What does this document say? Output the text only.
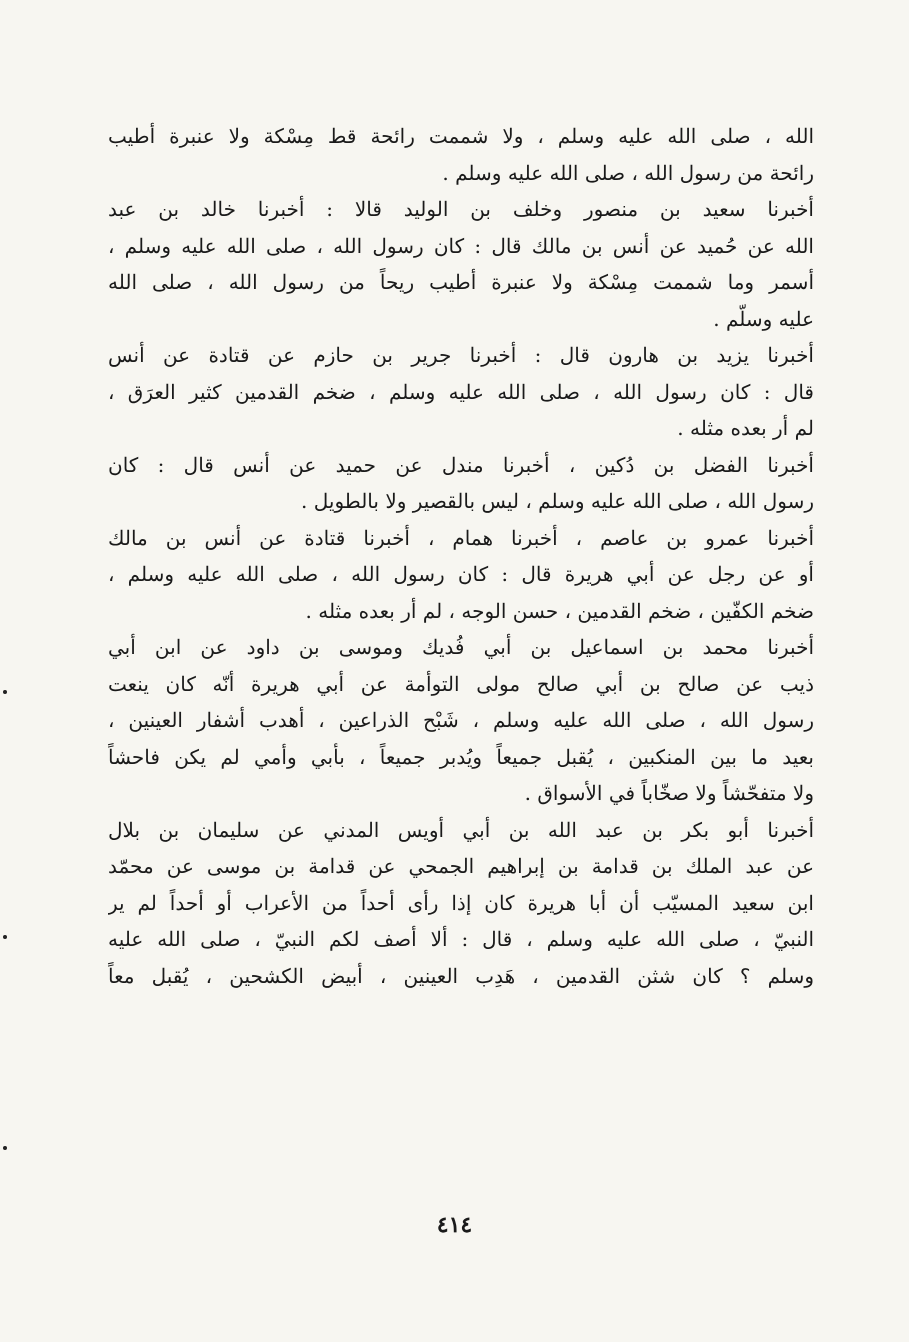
الله ، صلى الله عليه وسلم ، ولا شممت رائحة قط مِسْكة ولا عنبرة أطيب
رائحة من رسول الله ، صلى الله عليه وسلم .
أخبرنا سعيد بن منصور وخلف بن الوليد قالا : أخبرنا خالد بن عبد
الله عن حُميد عن أنس بن مالك قال : كان رسول الله ، صلى الله عليه وسلم ،
أسمر وما شممت مِسْكة ولا عنبرة أطيب ريحاً من رسول الله ، صلى الله
عليه وسلّم .
أخبرنا يزيد بن هارون قال : أخبرنا جرير بن حازم عن قتادة عن أنس
قال : كان رسول الله ، صلى الله عليه وسلم ، ضخم القدمين كثير العرَق ،
لم أر بعده مثله .
أخبرنا الفضل بن دُكين ، أخبرنا مندل عن حميد عن أنس قال : كان
رسول الله ، صلى الله عليه وسلم ، ليس بالقصير ولا بالطويل .
أخبرنا عمرو بن عاصم ، أخبرنا همام ، أخبرنا قتادة عن أنس بن مالك
أو عن رجل عن أبي هريرة قال : كان رسول الله ، صلى الله عليه وسلم ،
ضخم الكفّين ، ضخم القدمين ، حسن الوجه ، لم أر بعده مثله .
أخبرنا محمد بن اسماعيل بن أبي فُديك وموسى بن داود عن ابن أبي
ذيب عن صالح بن أبي صالح مولى التوأمة عن أبي هريرة أنّه كان ينعت
رسول الله ، صلى الله عليه وسلم ، شَبْح الذراعين ، أهدب أشفار العينين ،
بعيد ما بين المنكبين ، يُقبل جميعاً ويُدبر جميعاً ، بأبي وأمي لم يكن فاحشاً
ولا متفحّشاً ولا صخّاباً في الأسواق .
أخبرنا أبو بكر بن عبد الله بن أبي أويس المدني عن سليمان بن بلال
عن عبد الملك بن قدامة بن إبراهيم الجمحي عن قدامة بن موسى عن محمّد
ابن سعيد المسيّب أن أبا هريرة كان إذا رأى أحداً من الأعراب أو أحداً لم ير
النبيّ ، صلى الله عليه وسلم ، قال : ألا أصف لكم النبيّ ، صلى الله عليه
وسلم ؟ كان شثن القدمين ، هَدِب العينين ، أبيض الكشحين ، يُقبل معاً
٤١٤
